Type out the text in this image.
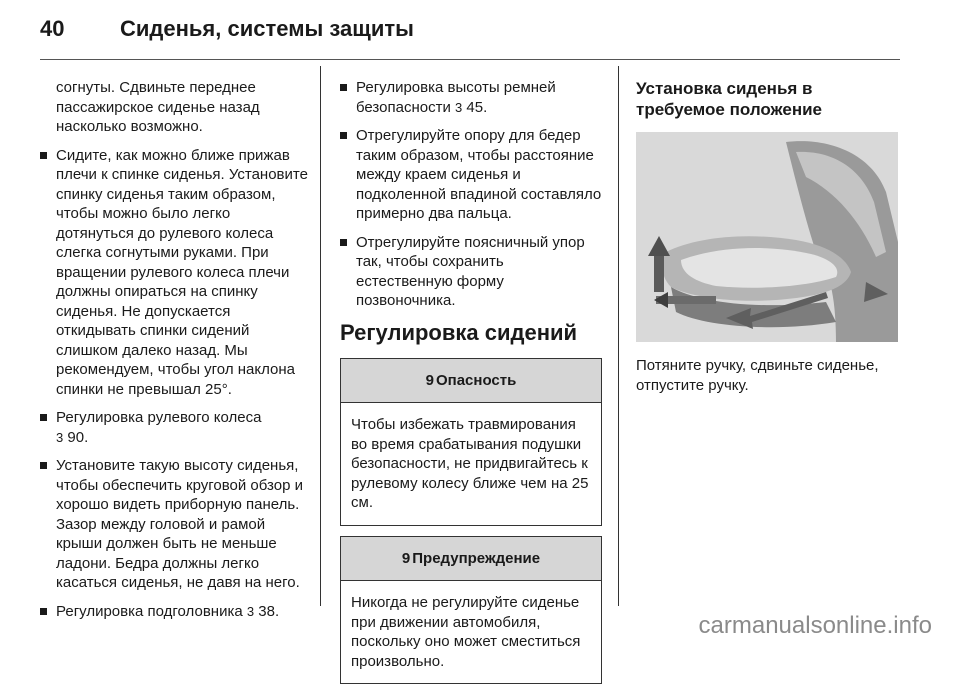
40	Сиденья, системы защиты

согнуты. Сдвиньте переднее пассажирское сиденье назад насколько возможно.

Сидите, как можно ближе прижав плечи к спинке сиденья. Установите спинку сиденья таким образом, чтобы можно было легко дотянуться до рулевого колеса слегка согнутыми руками. При вращении рулевого колеса плечи должны опираться на спинку сиденья. Не допускается откидывать спинки сидений слишком далеко назад. Мы рекомендуем, чтобы угол наклона спинки не превышал 25°.
Регулировка рулевого колеса
3 90.
Установите такую высоту сиденья, чтобы обеспечить круговой обзор и хорошо видеть приборную панель. Зазор между головой и рамой крыши должен быть не меньше ладони. Бедра должны легко касаться сиденья, не давя на него.
Регулировка подголовника 3 38.
Регулировка высоты ремней безопасности 3 45.
Отрегулируйте опору для бедер таким образом, чтобы расстояние между краем сиденья и подколенной впадиной составляло примерно два пальца.
Отрегулируйте поясничный упор так, чтобы сохранить естественную форму позвоночника.
Регулировка сидений
9 Опасность
Чтобы избежать травмирования во время срабатывания подушки безопасности, не придвигайтесь к рулевому колесу ближе чем на 25 см.
9 Предупреждение
Никогда не регулируйте сиденье при движении автомобиля, поскольку оно может сместиться произвольно.
Установка сиденья в требуемое положение

Потяните ручку, сдвиньте сиденье, отпустите ручку.

carmanualsonline.info
